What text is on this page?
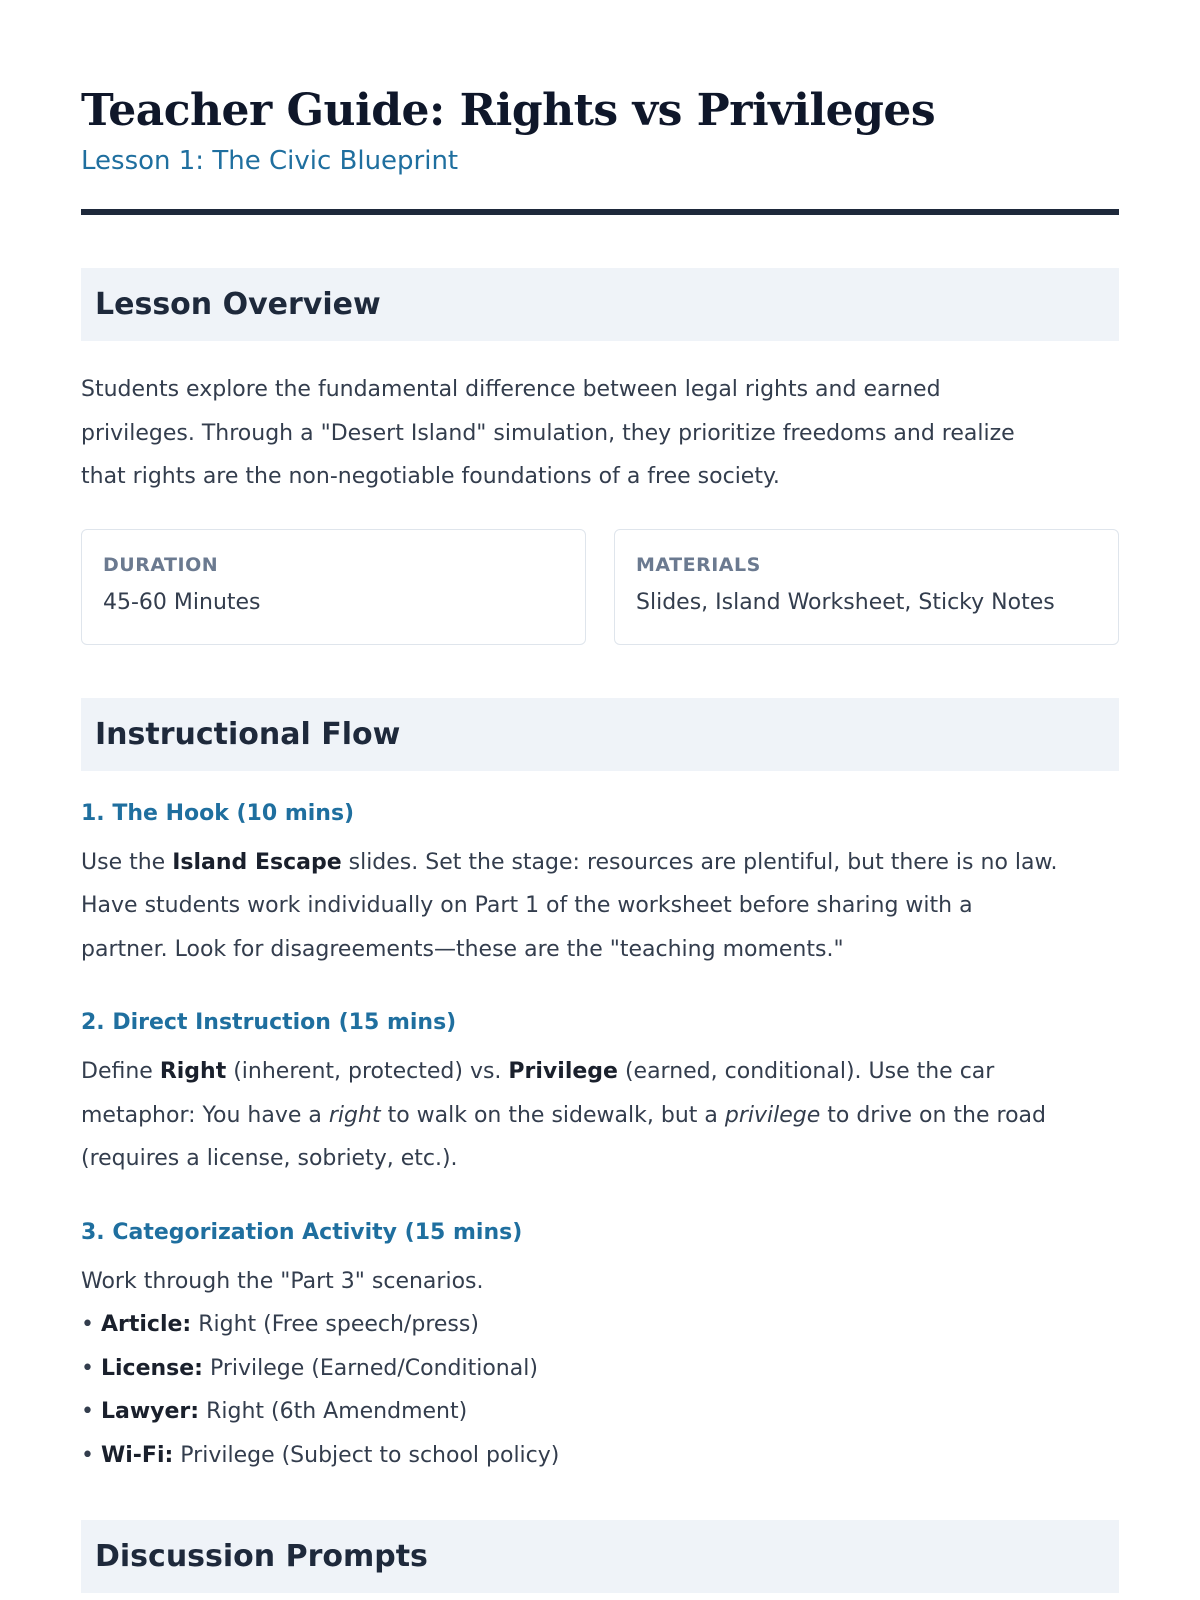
Teacher Guide: Rights vs Privileges
Lesson 1: The Civic Blueprint
Lesson Overview

Students explore the fundamental difference between legal rights and earned
privileges. Through a "Desert Island" simulation, they prioritize freedoms and realize
that rights are the non-negotiable foundations of a free society.

DURATION
45-60 Minutes
MATERIALS
Slides, Island Worksheet, Sticky Notes
Instructional Flow
1. The Hook (10 mins)

Use the Island Escape slides. Set the stage: resources are plentiful, but there is no law.
Have students work individually on Part 1 of the worksheet before sharing with a
partner. Look for disagreements—these are the "teaching moments."

2. Direct Instruction (15 mins)

Define Right (inherent, protected) vs. Privilege (earned, conditional). Use the car
metaphor: You have a right to walk on the sidewalk, but a privilege to drive on the road
(requires a license, sobriety, etc.).

3. Categorization Activity (15 mins)

Work through the "Part 3" scenarios.

• Article: Right (Free speech/press)
• License: Privilege (Earned/Conditional)
• Lawyer: Right (6th Amendment)
• Wi-Fi: Privilege (Subject to school policy)
Discussion Prompts
